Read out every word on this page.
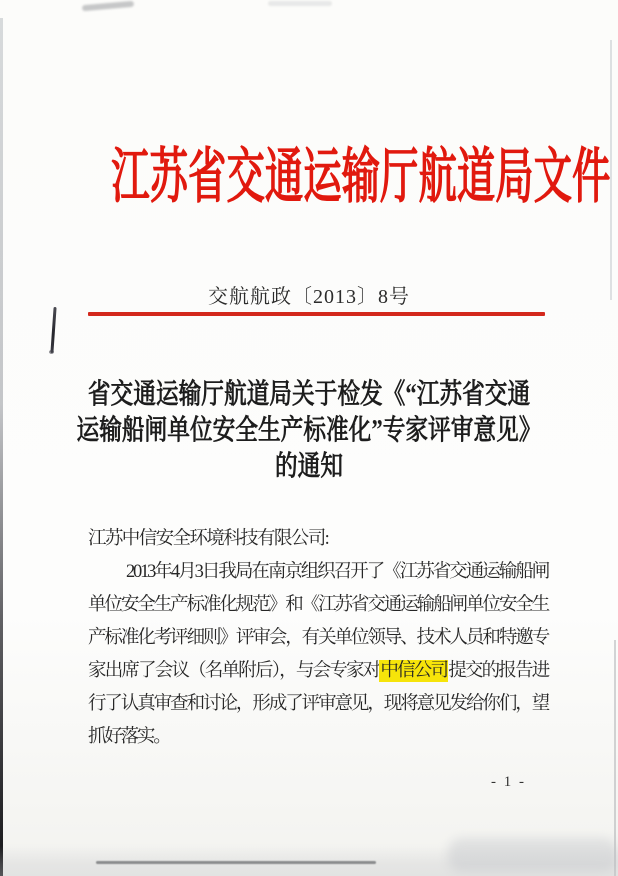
江苏省交通运输厅航道局文件
交航航政〔2013〕8号
省交通运输厅航道局关于检发《“江苏省交通
运输船闸单位安全生产标准化”专家评审意见》
的通知
江苏中信安全环境科技有限公司:
2013年4月3日我局在南京组织召开了《江苏省交通运输船闸
单位安全生产标准化规范》和《江苏省交通运输船闸单位安全生
产标准化考评细则》评审会，有关单位领导、技术人员和特邀专
家出席了会议（名单附后），与会专家对中信公司提交的报告进
行了认真审查和讨论，形成了评审意见，现将意见发给你们，望
抓好落实。
- 1 -
